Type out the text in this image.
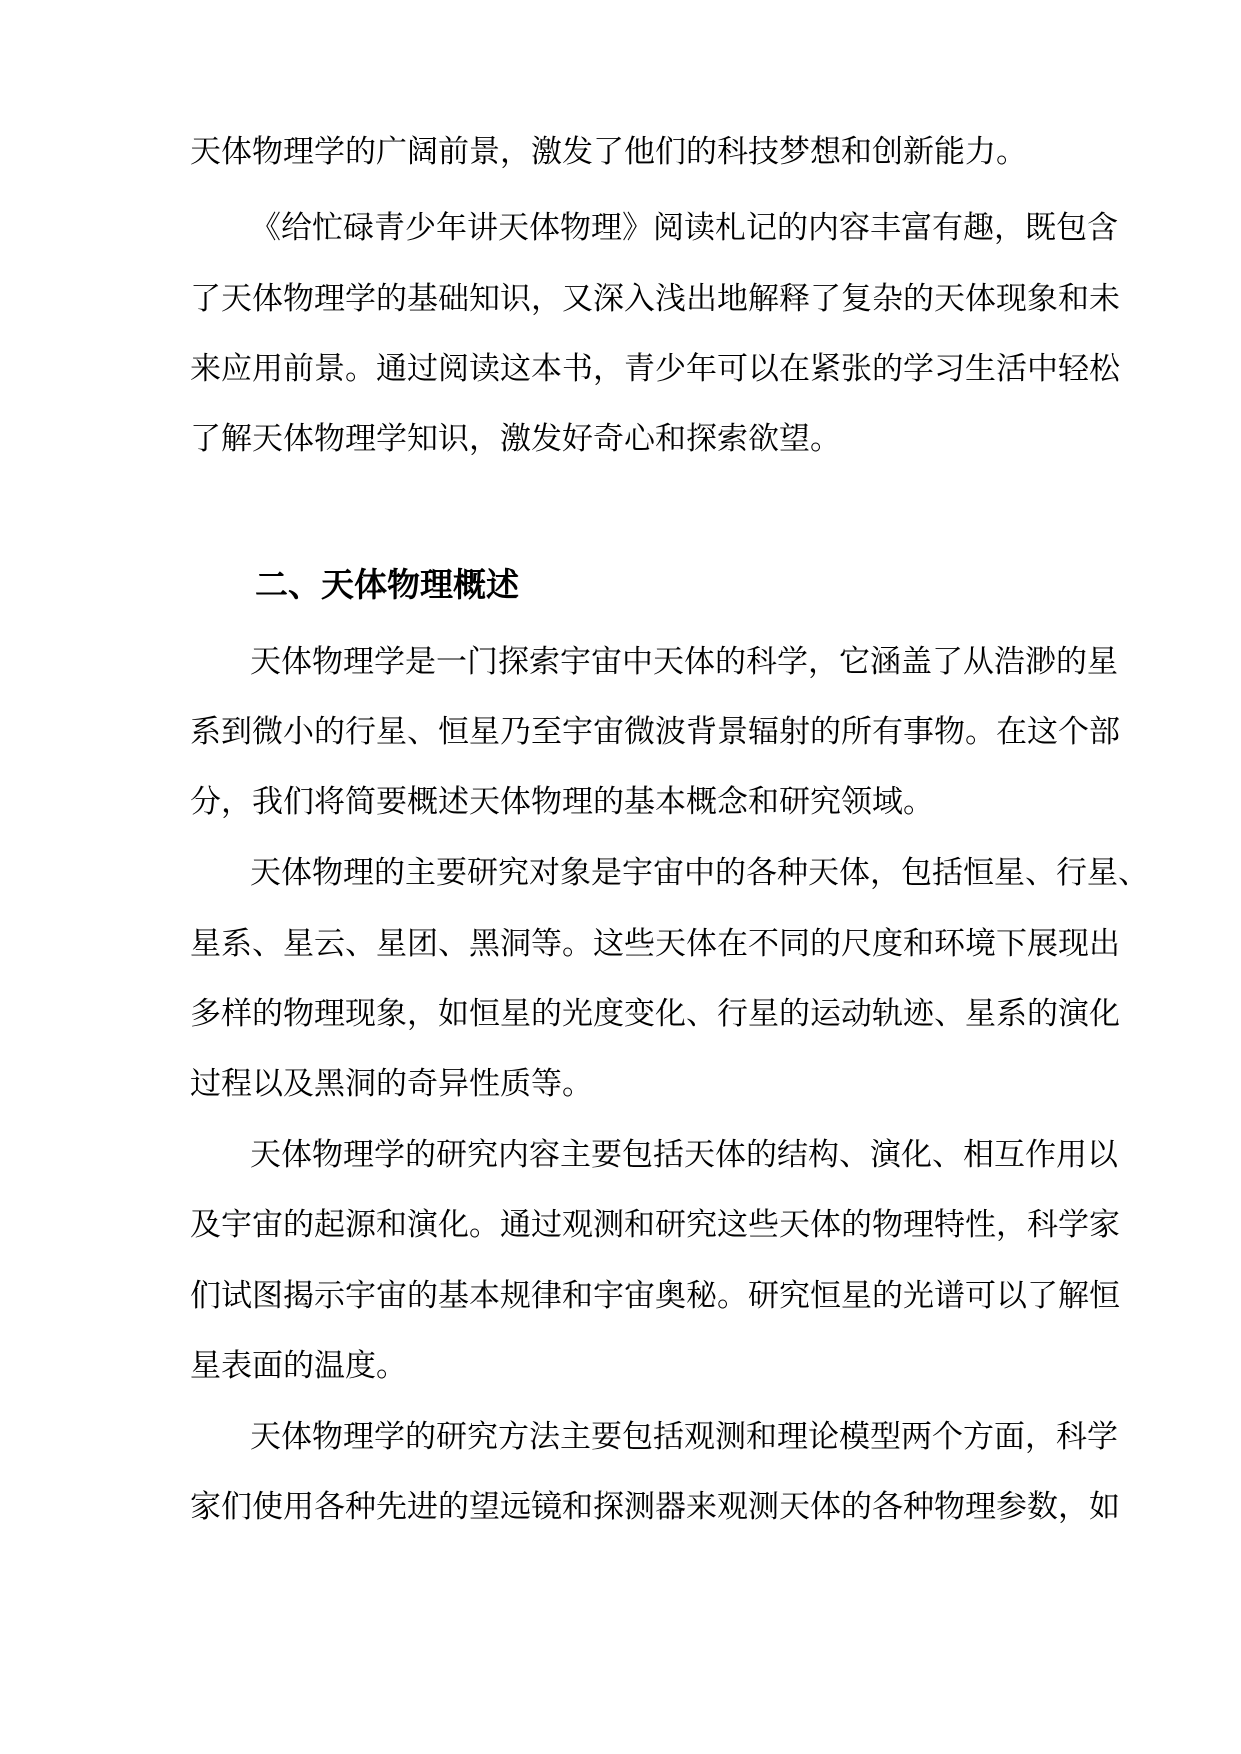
天体物理学的广阔前景，激发了他们的科技梦想和创新能力。
《给忙碌青少年讲天体物理》阅读札记的内容丰富有趣，既包含
了天体物理学的基础知识，又深入浅出地解释了复杂的天体现象和未
来应用前景。通过阅读这本书，青少年可以在紧张的学习生活中轻松
了解天体物理学知识，激发好奇心和探索欲望。
二、天体物理概述
天体物理学是一门探索宇宙中天体的科学，它涵盖了从浩渺的星
系到微小的行星、恒星乃至宇宙微波背景辐射的所有事物。在这个部
分，我们将简要概述天体物理的基本概念和研究领域。
天体物理的主要研究对象是宇宙中的各种天体，包括恒星、行星、
星系、星云、星团、黑洞等。这些天体在不同的尺度和环境下展现出
多样的物理现象，如恒星的光度变化、行星的运动轨迹、星系的演化
过程以及黑洞的奇异性质等。
天体物理学的研究内容主要包括天体的结构、演化、相互作用以
及宇宙的起源和演化。通过观测和研究这些天体的物理特性，科学家
们试图揭示宇宙的基本规律和宇宙奥秘。研究恒星的光谱可以了解恒
星表面的温度。
天体物理学的研究方法主要包括观测和理论模型两个方面，科学
家们使用各种先进的望远镜和探测器来观测天体的各种物理参数，如
